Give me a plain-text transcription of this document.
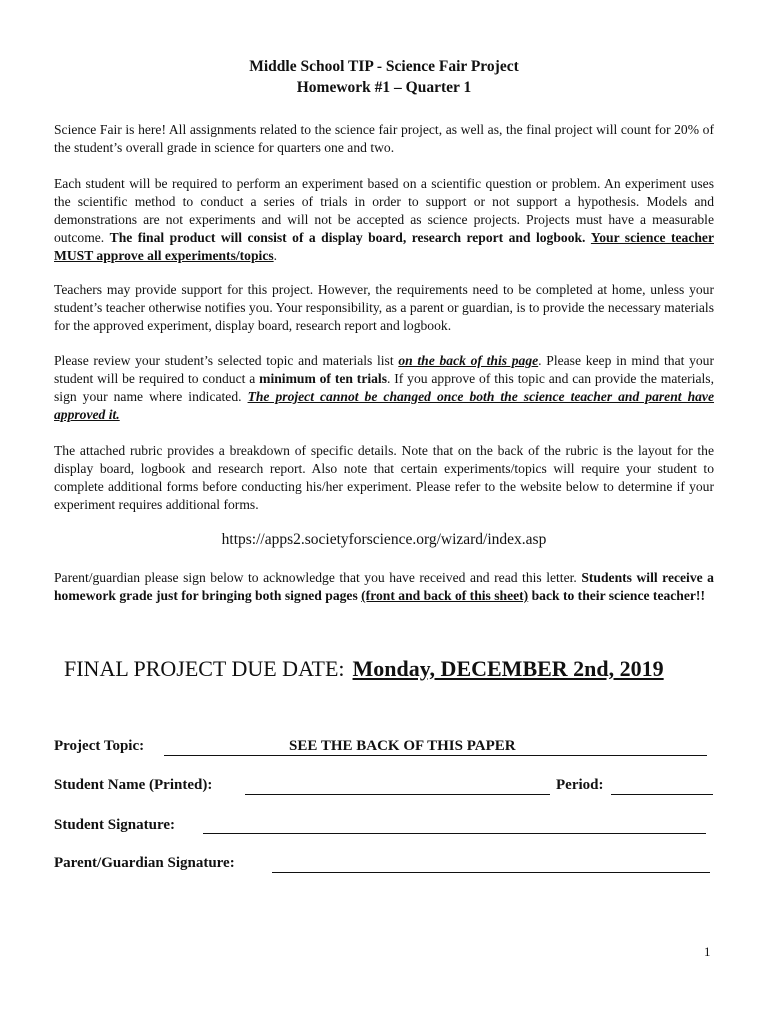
Middle School TIP - Science Fair Project
Homework #1 – Quarter 1
Science Fair is here! All assignments related to the science fair project, as well as, the final project will count for 20% of the student’s overall grade in science for quarters one and two.
Each student will be required to perform an experiment based on a scientific question or problem. An experiment uses the scientific method to conduct a series of trials in order to support or not support a hypothesis. Models and demonstrations are not experiments and will not be accepted as science projects. Projects must have a measurable outcome. The final product will consist of a display board, research report and logbook. Your science teacher MUST approve all experiments/topics.
Teachers may provide support for this project. However, the requirements need to be completed at home, unless your student’s teacher otherwise notifies you. Your responsibility, as a parent or guardian, is to provide the necessary materials for the approved experiment, display board, research report and logbook.
Please review your student’s selected topic and materials list on the back of this page. Please keep in mind that your student will be required to conduct a minimum of ten trials. If you approve of this topic and can provide the materials, sign your name where indicated. The project cannot be changed once both the science teacher and parent have approved it.
The attached rubric provides a breakdown of specific details. Note that on the back of the rubric is the layout for the display board, logbook and research report. Also note that certain experiments/topics will require your student to complete additional forms before conducting his/her experiment. Please refer to the website below to determine if your experiment requires additional forms.
https://apps2.societyforscience.org/wizard/index.asp
Parent/guardian please sign below to acknowledge that you have received and read this letter. Students will receive a homework grade just for bringing both signed pages (front and back of this sheet) back to their science teacher!!
FINAL PROJECT DUE DATE: Monday, DECEMBER 2nd, 2019
Project Topic:	SEE THE BACK OF THIS PAPER
Student Name (Printed):	Period:
Student Signature:
Parent/Guardian Signature:
1
